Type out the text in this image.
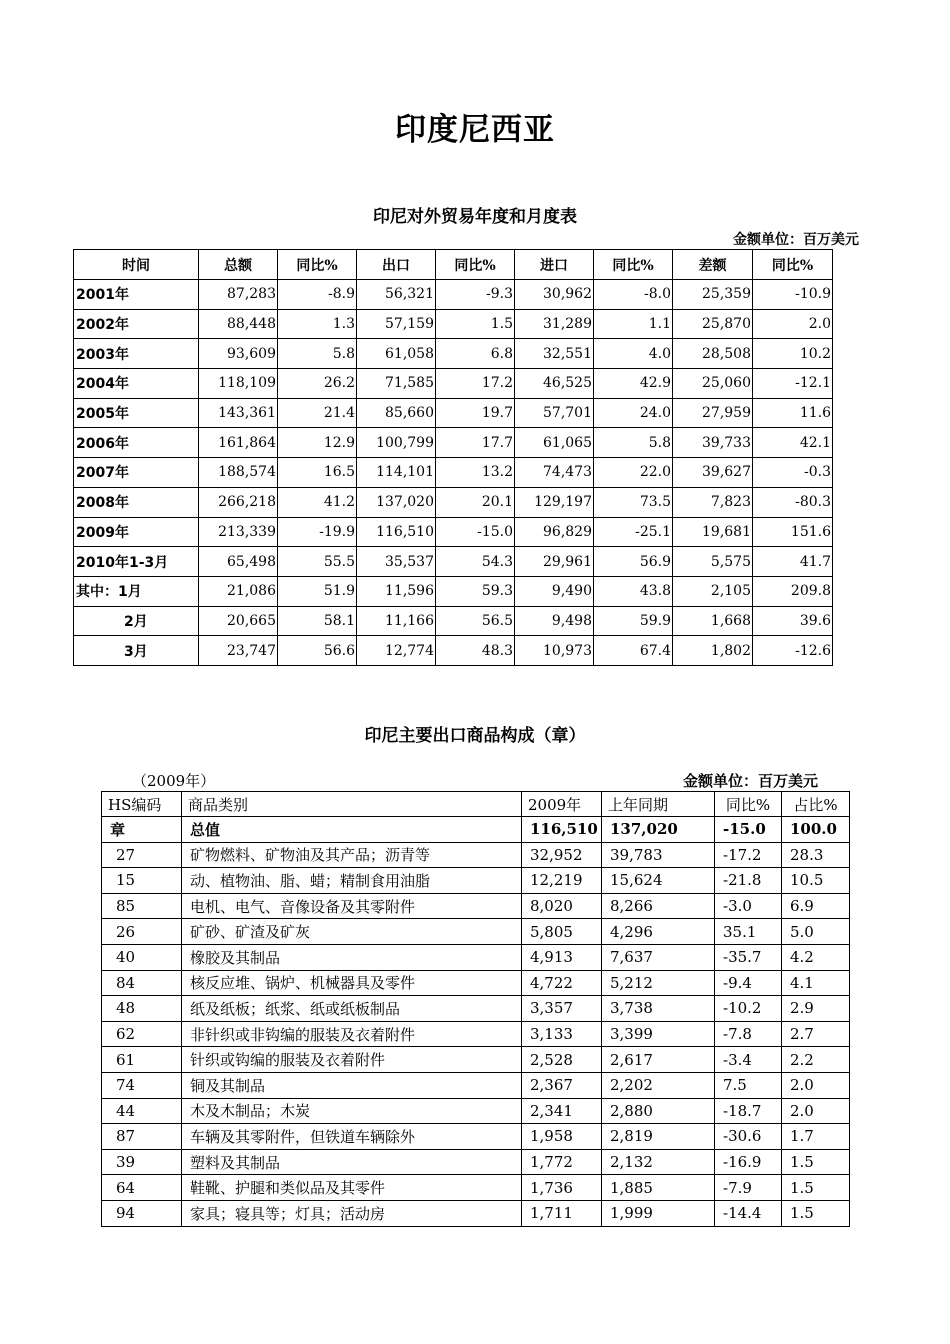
印度尼西亚
印尼对外贸易年度和月度表
金额单位：百万美元
时间	总额	同比%	出口	同比%	进口	同比%	差额	同比%
2001年	87,283	-8.9	56,321	-9.3	30,962	-8.0	25,359	-10.9
2002年	88,448	1.3	57,159	1.5	31,289	1.1	25,870	2.0
2003年	93,609	5.8	61,058	6.8	32,551	4.0	28,508	10.2
2004年	118,109	26.2	71,585	17.2	46,525	42.9	25,060	-12.1
2005年	143,361	21.4	85,660	19.7	57,701	24.0	27,959	11.6
2006年	161,864	12.9	100,799	17.7	61,065	5.8	39,733	42.1
2007年	188,574	16.5	114,101	13.2	74,473	22.0	39,627	-0.3
2008年	266,218	41.2	137,020	20.1	129,197	73.5	7,823	-80.3
2009年	213,339	-19.9	116,510	-15.0	96,829	-25.1	19,681	151.6
2010年1-3月	65,498	55.5	35,537	54.3	29,961	56.9	5,575	41.7
其中：1月	21,086	51.9	11,596	59.3	9,490	43.8	2,105	209.8
2月	20,665	58.1	11,166	56.5	9,498	59.9	1,668	39.6
3月	23,747	56.6	12,774	48.3	10,973	67.4	1,802	-12.6
印尼主要出口商品构成（章）
（2009年）	金额单位：百万美元
HS编码	商品类别	2009年	上年同期	同比%	占比%
章	总值	116,510	137,020	-15.0	100.0
27	矿物燃料、矿物油及其产品；沥青等	32,952	39,783	-17.2	28.3
15	动、植物油、脂、蜡；精制食用油脂	12,219	15,624	-21.8	10.5
85	电机、电气、音像设备及其零附件	8,020	8,266	-3.0	6.9
26	矿砂、矿渣及矿灰	5,805	4,296	35.1	5.0
40	橡胶及其制品	4,913	7,637	-35.7	4.2
84	核反应堆、锅炉、机械器具及零件	4,722	5,212	-9.4	4.1
48	纸及纸板；纸浆、纸或纸板制品	3,357	3,738	-10.2	2.9
62	非针织或非钩编的服装及衣着附件	3,133	3,399	-7.8	2.7
61	针织或钩编的服装及衣着附件	2,528	2,617	-3.4	2.2
74	铜及其制品	2,367	2,202	7.5	2.0
44	木及木制品；木炭	2,341	2,880	-18.7	2.0
87	车辆及其零附件，但铁道车辆除外	1,958	2,819	-30.6	1.7
39	塑料及其制品	1,772	2,132	-16.9	1.5
64	鞋靴、护腿和类似品及其零件	1,736	1,885	-7.9	1.5
94	家具；寝具等；灯具；活动房	1,711	1,999	-14.4	1.5
